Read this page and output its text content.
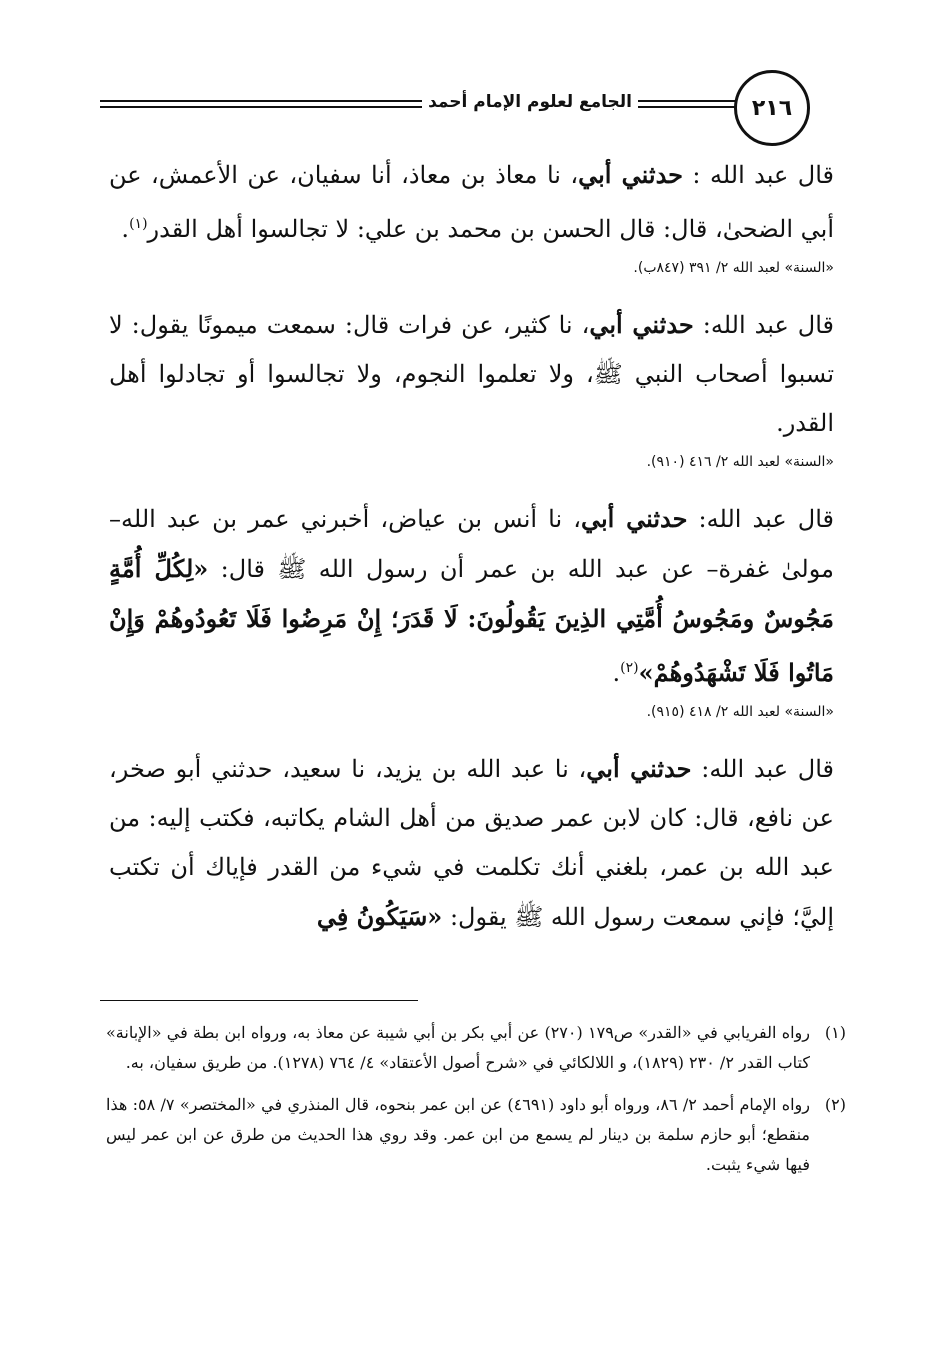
الجامع لعلوم الإمام أحمد	٢١٦

قال عبد الله : حدثني أبي، نا معاذ بن معاذ، أنا سفيان، عن الأعمش، عن أبي الضحىٰ، قال: قال الحسن بن محمد بن علي: لا تجالسوا أهل القدر$^{(١)}$.

«السنة» لعبد الله ٢/ ٣٩١ (٨٤٧ب).

قال عبد الله: حدثني أبي، نا كثير، عن فرات قال: سمعت ميمونًا يقول: لا تسبوا أصحاب النبي ﷺ، ولا تعلموا النجوم، ولا تجالسوا أو تجادلوا أهل القدر.

«السنة» لعبد الله ٢/ ٤١٦ (٩١٠).

قال عبد الله: حدثني أبي، نا أنس بن عياض، أخبرني عمر بن عبد الله– مولىٰ غفرة– عن عبد الله بن عمر أن رسول الله ﷺ قال: «لِكُلِّ أُمَّةٍ مَجُوسٌ ومَجُوسُ أُمَّتِي الذِينَ يَقُولُونَ: لَا قَدَرَ؛ إِنْ مَرِضُوا فَلَا تَعُودُوهُمْ وَإِنْ مَاتُوا فَلَا تَشْهَدُوهُمْ»$^{(٢)}$.

«السنة» لعبد الله ٢/ ٤١٨ (٩١٥).

قال عبد الله: حدثني أبي، نا عبد الله بن يزيد، نا سعيد، حدثني أبو صخر، عن نافع، قال: كان لابن عمر صديق من أهل الشام يكاتبه، فكتب إليه: من عبد الله بن عمر، بلغني أنك تكلمت في شيء من القدر فإياك أن تكتب إليَّ؛ فإني سمعت رسول الله ﷺ يقول: «سَيَكُونُ فِي

(١)
رواه الفريابي في «القدر» ص١٧٩ (٢٧٠) عن أبي بكر بن أبي شيبة عن معاذ به، ورواه ابن بطة في «الإبانة» كتاب القدر ٢/ ٢٣٠ (١٨٢٩)، و اللالكائي في «شرح أصول الأعتقاد» ٤/ ٧٦٤ (١٢٧٨). من طريق سفيان، به.
(٢)
رواه الإمام أحمد ٢/ ٨٦، ورواه أبو داود (٤٦٩١) عن ابن عمر بنحوه، قال المنذري في «المختصر» ٧/ ٥٨: هذا منقطع؛ أبو حازم سلمة بن دينار لم يسمع من ابن عمر. وقد روي هذا الحديث من طرق عن ابن عمر ليس فيها شيء يثبت.
